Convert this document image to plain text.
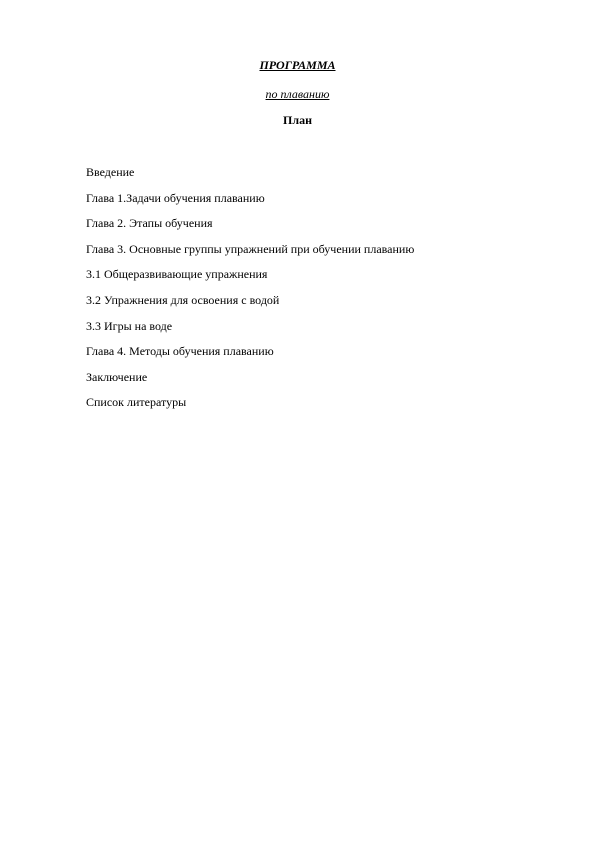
ПРОГРАММА
по плаванию
План
Введение
Глава 1.Задачи обучения плаванию
Глава 2. Этапы обучения
Глава 3. Основные группы упражнений при обучении плаванию
3.1 Общеразвивающие упражнения
3.2 Упражнения для освоения с водой
3.3 Игры на воде
Глава 4. Методы обучения плаванию
Заключение
Список литературы
